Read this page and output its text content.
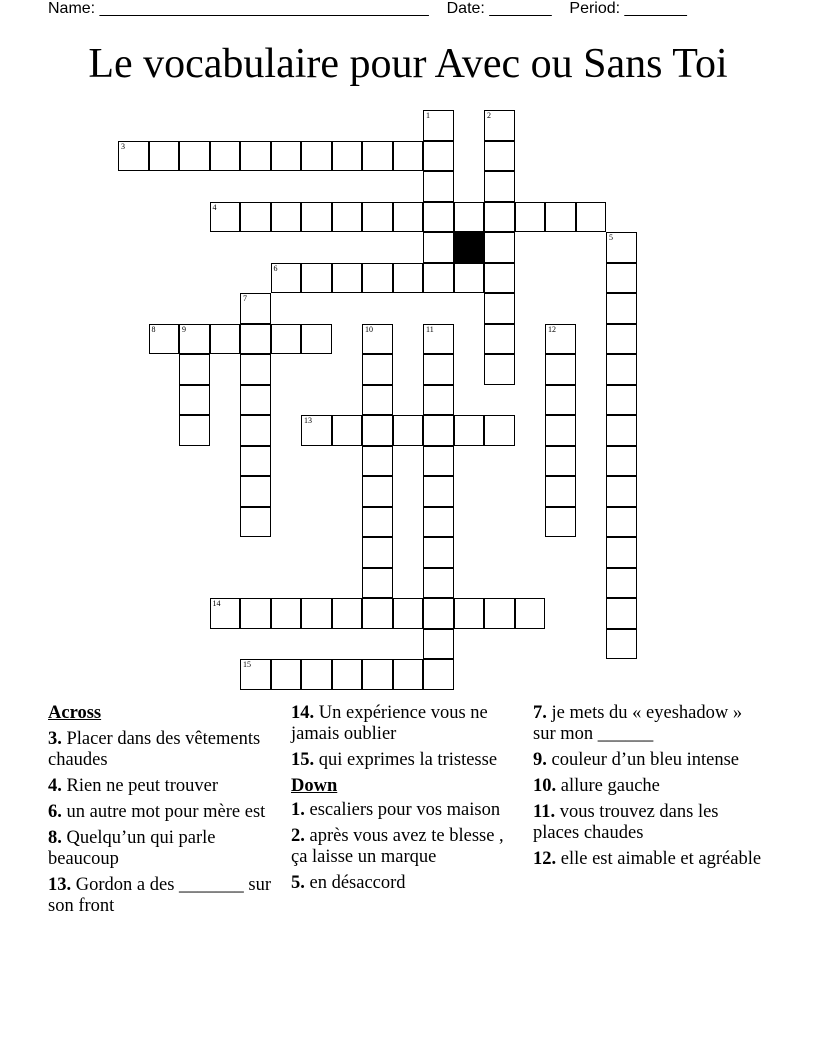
Name: _____________________________________ Date: _______ Period: _______
Le vocabulaire pour Avec ou Sans Toi
1	2
3
4
5
6
7
8	9	10	11	12
13
14
15
Across
3. Placer dans des vêtements chaudes
4. Rien ne peut trouver
6. un autre mot pour mère est
8. Quelqu’un qui parle beaucoup
13. Gordon a des _______ sur son front
14. Un expérience vous ne jamais oublier
15. qui exprimes la tristesse
Down
1. escaliers pour vos maison
2. après vous avez te blesse , ça laisse un marque
5. en désaccord
7. je mets du « eyeshadow » sur mon ______
9. couleur d’un bleu intense
10. allure gauche
11. vous trouvez dans les places chaudes
12. elle est aimable et agréable
